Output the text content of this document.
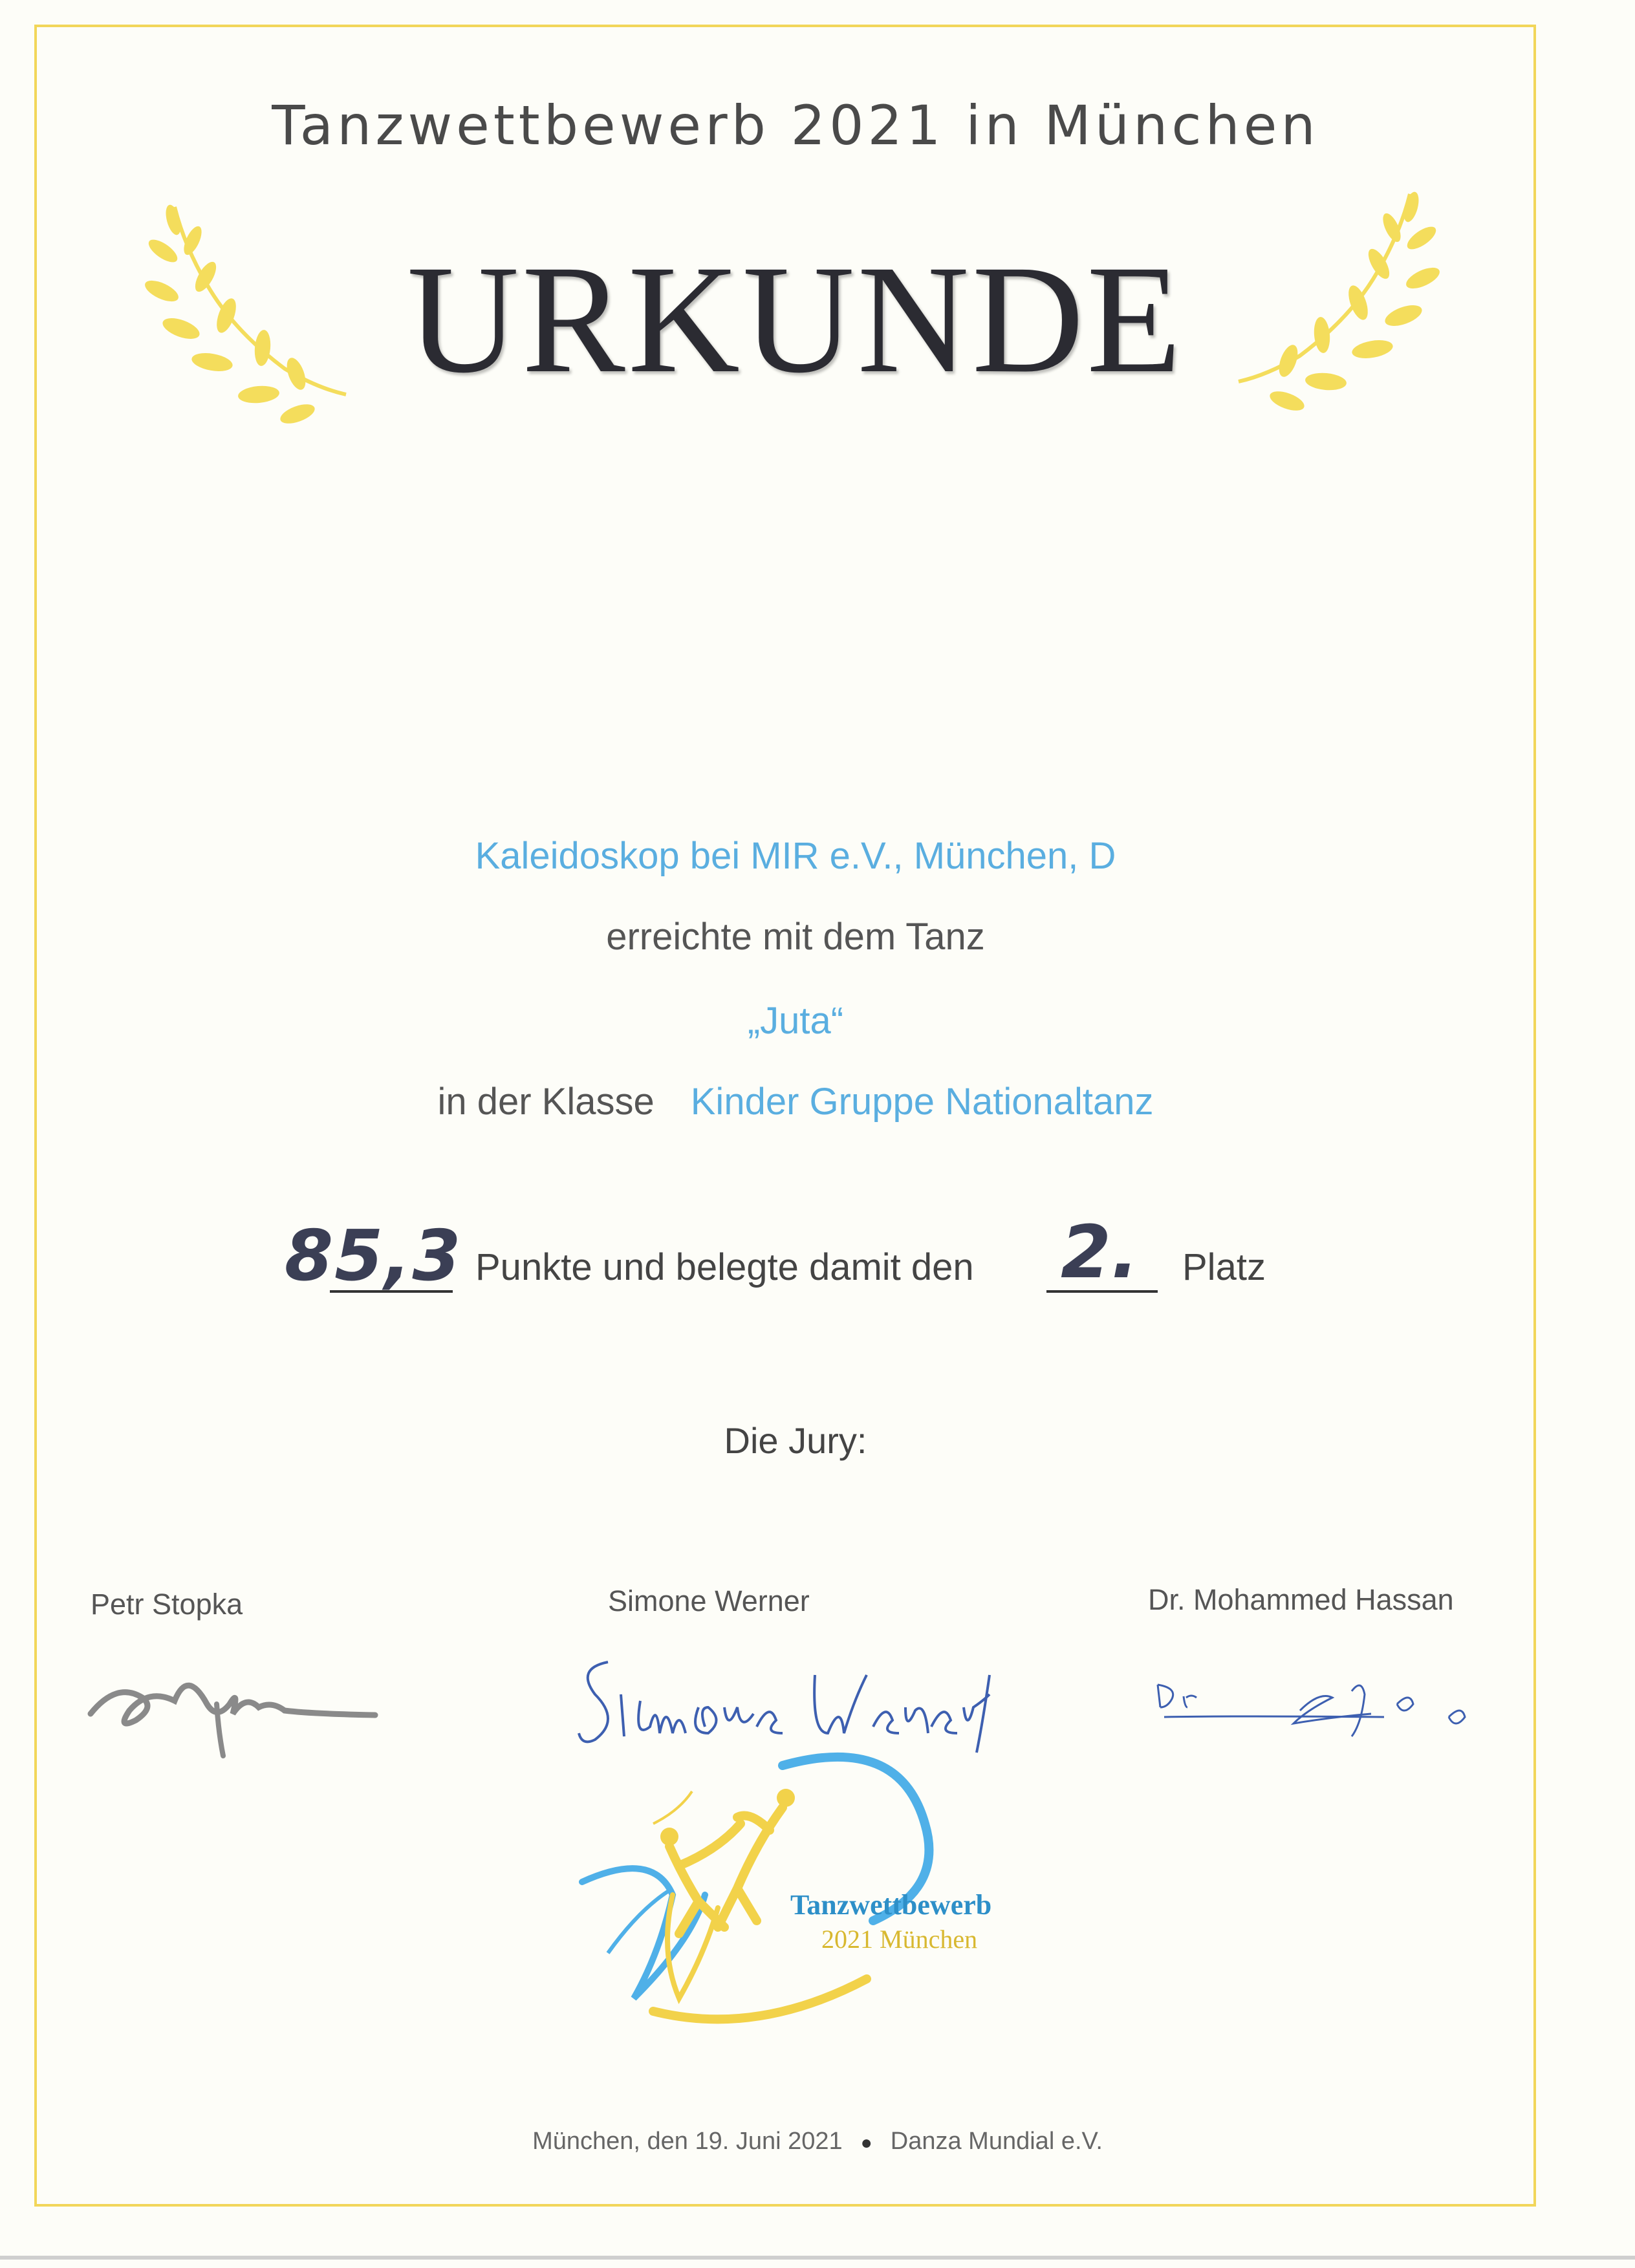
Tanzwettbewerb 2021 in München
URKUNDE
Kaleidoskop bei MIR e.V., München, D
erreichte mit dem Tanz
„Juta“
in der Klasse Kinder Gruppe Nationaltanz
85,3 Punkte und belegte damit den 2. Platz
Die Jury:
Petr Stopka	Simone Werner	Dr. Mohammed Hassan
Tanzwettbewerb
2021 München
München, den 19. Juni 2021 ● Danza Mundial e.V.
